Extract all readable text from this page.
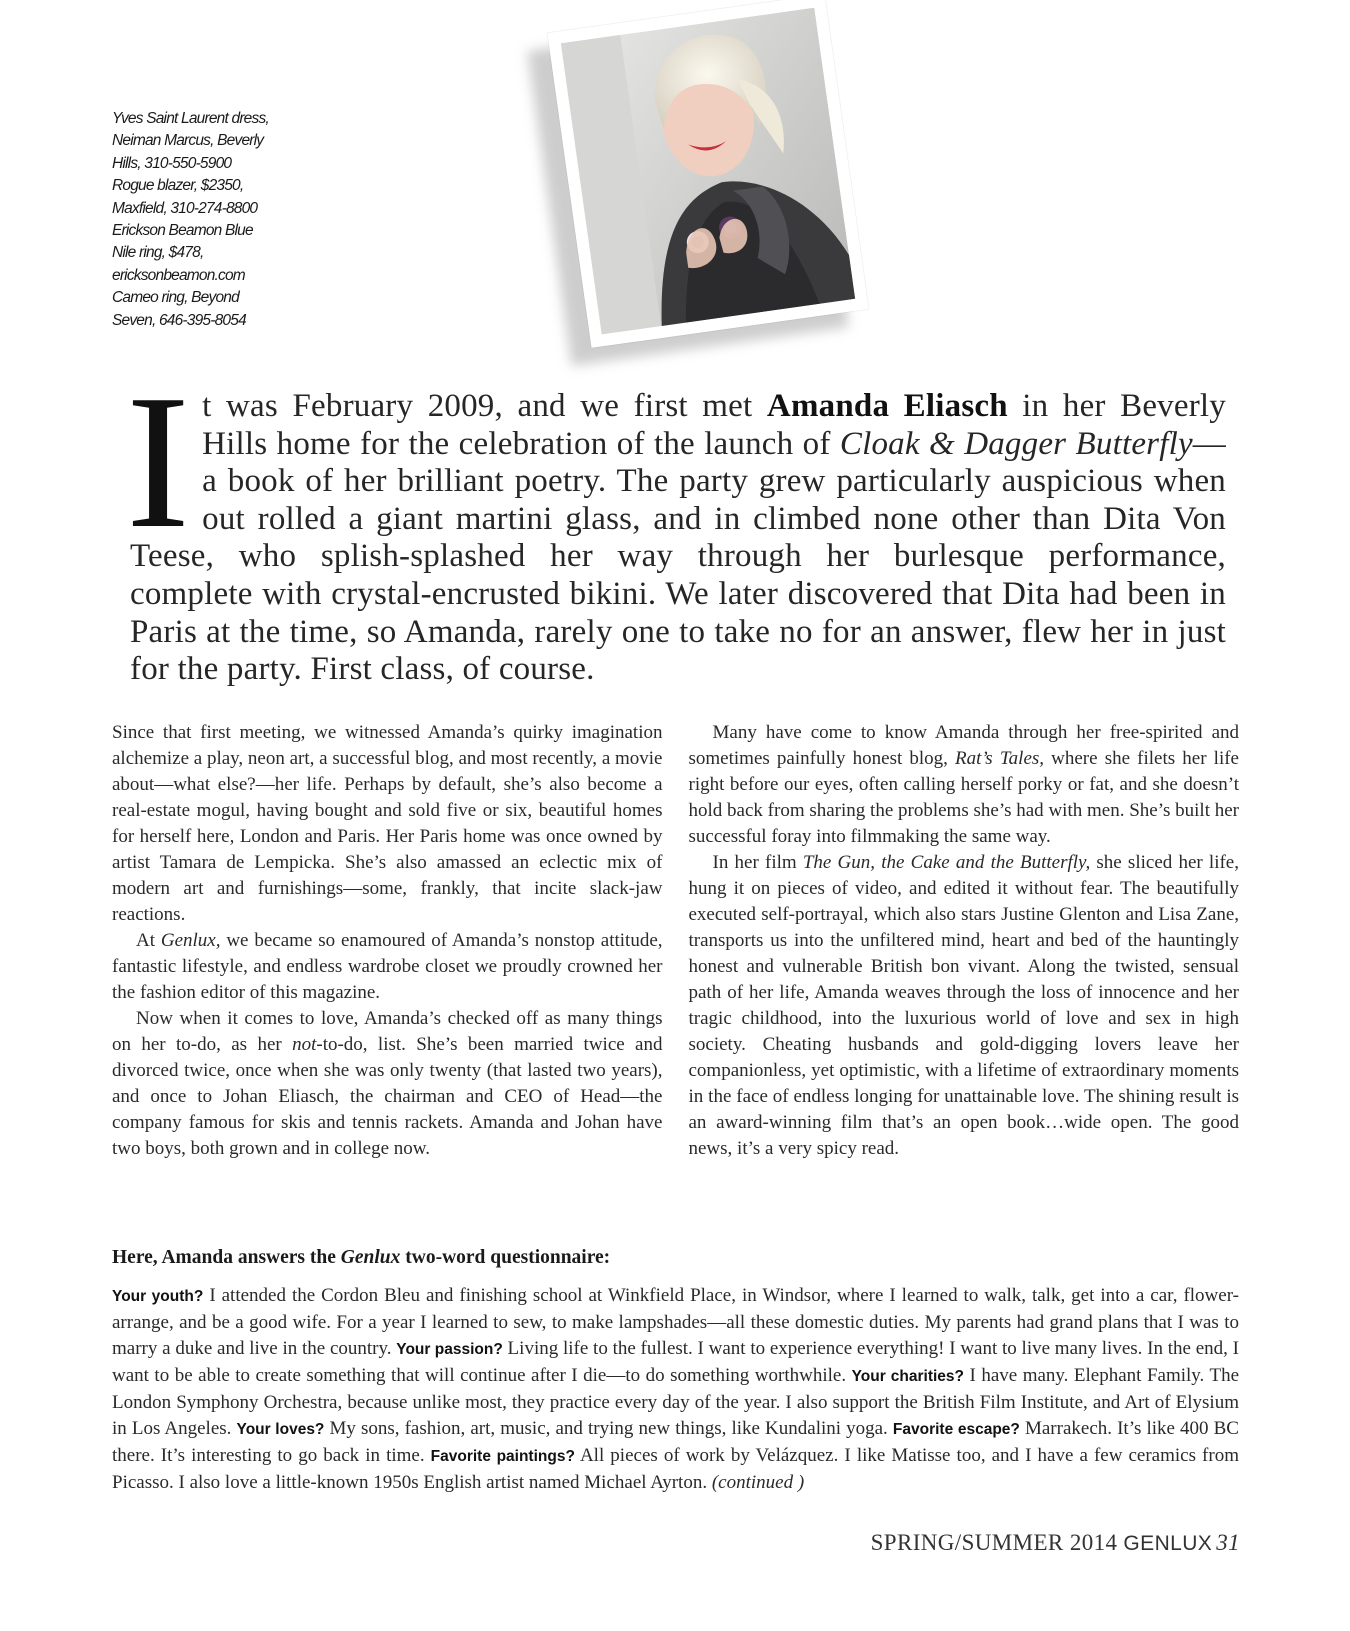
Yves Saint Laurent dress,
Neiman Marcus, Beverly
Hills, 310-550-5900
Rogue blazer, $2350,
Maxfield, 310-274-8800
Erickson Beamon Blue
Nile ring, $478,
ericksonbeamon.com
Cameo ring, Beyond
Seven, 646-395-8054
It was February 2009, and we first met Amanda Eliasch in her Beverly Hills home for the celebration of the launch of Cloak & Dagger Butterfly—a book of her brilliant poetry. The party grew particularly auspicious when out rolled a giant martini glass, and in climbed none other than Dita Von Teese, who splish-splashed her way through her burlesque performance, complete with crystal-encrusted bikini. We later discovered that Dita had been in Paris at the time, so Amanda, rarely one to take no for an answer, flew her in just for the party. First class, of course.

Since that first meeting, we witnessed Amanda’s quirky imagination alchemize a play, neon art, a successful blog, and most recently, a movie about—what else?—her life. Perhaps by default, she’s also become a real-estate mogul, having bought and sold five or six, beautiful homes for herself here, London and Paris. Her Paris home was once owned by artist Tamara de Lempicka. She’s also amassed an eclectic mix of modern art and furnishings—some, frankly, that incite slack-jaw reactions.

At Genlux, we became so enamoured of Amanda’s nonstop attitude, fantastic lifestyle, and endless wardrobe closet we proudly crowned her the fashion editor of this magazine.

Now when it comes to love, Amanda’s checked off as many things on her to-do, as her not-to-do, list. She’s been married twice and divorced twice, once when she was only twenty (that lasted two years), and once to Johan Eliasch, the chairman and CEO of Head—the company famous for skis and tennis rackets. Amanda and Johan have two boys, both grown and in college now.

Many have come to know Amanda through her free-spirited and sometimes painfully honest blog, Rat’s Tales, where she filets her life right before our eyes, often calling herself porky or fat, and she doesn’t hold back from sharing the problems she’s had with men. She’s built her successful foray into filmmaking the same way.

In her film The Gun, the Cake and the Butterfly, she sliced her life, hung it on pieces of video, and edited it without fear. The beautifully executed self-portrayal, which also stars Justine Glenton and Lisa Zane, transports us into the unfiltered mind, heart and bed of the hauntingly honest and vulnerable British bon vivant. Along the twisted, sensual path of her life, Amanda weaves through the loss of innocence and her tragic childhood, into the luxurious world of love and sex in high society. Cheating husbands and gold-digging lovers leave her companionless, yet optimistic, with a lifetime of extraordinary moments in the face of endless longing for unattainable love. The shining result is an award-winning film that’s an open book…wide open. The good news, it’s a very spicy read.

Here, Amanda answers the Genlux two-word questionnaire:
Your youth? I attended the Cordon Bleu and finishing school at Winkfield Place, in Windsor, where I learned to walk, talk, get into a car, flower-arrange, and be a good wife. For a year I learned to sew, to make lampshades—all these domestic duties. My parents had grand plans that I was to marry a duke and live in the country. Your passion? Living life to the fullest. I want to experience everything! I want to live many lives. In the end, I want to be able to create something that will continue after I die—to do something worthwhile. Your charities? I have many. Elephant Family. The London Symphony Orchestra, because unlike most, they practice every day of the year. I also support the British Film Institute, and Art of Elysium in Los Angeles. Your loves? My sons, fashion, art, music, and trying new things, like Kundalini yoga. Favorite escape? Marrakech. It’s like 400 BC there. It’s interesting to go back in time. Favorite paintings? All pieces of work by Velázquez. I like Matisse too, and I have a few ceramics from Picasso. I also love a little-known 1950s English artist named Michael Ayrton. (continued )
SPRING/SUMMER 2014 GENLUX 31
